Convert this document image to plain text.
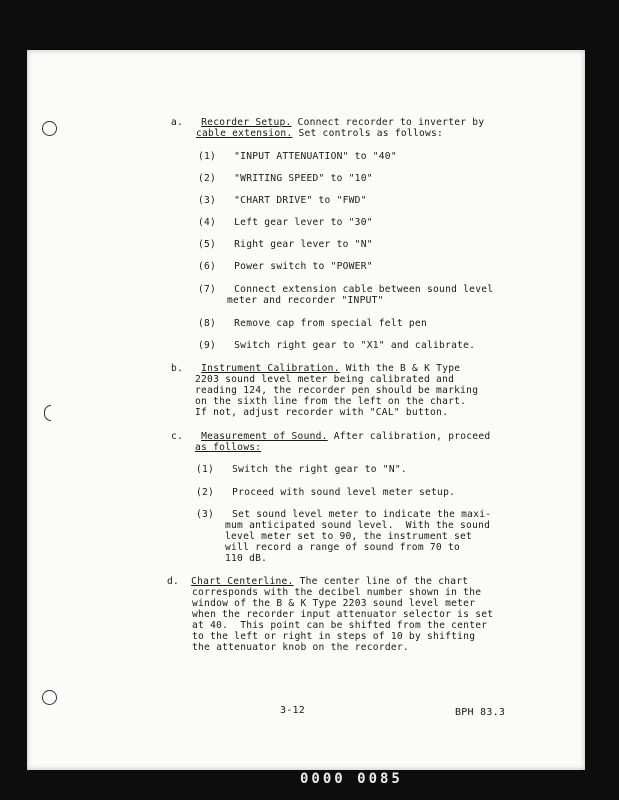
a. Recorder Setup. Connect recorder to inverter by
cable extension. Set controls as follows:
(1) "INPUT ATTENUATION" to "40"
(2) "WRITING SPEED" to "10"
(3) "CHART DRIVE" to "FWD"
(4) Left gear lever to "30"
(5) Right gear lever to "N"
(6) Power switch to "POWER"
(7) Connect extension cable between sound level
meter and recorder "INPUT"
(8) Remove cap from special felt pen
(9) Switch right gear to "X1" and calibrate.
b. Instrument Calibration. With the B & K Type
2203 sound level meter being calibrated and
reading 124, the recorder pen should be marking
on the sixth line from the left on the chart.
If not, adjust recorder with "CAL" button.
c. Measurement of Sound. After calibration, proceed
as follows:
(1) Switch the right gear to "N".
(2) Proceed with sound level meter setup.
(3) Set sound level meter to indicate the maxi-
mum anticipated sound level.  With the sound
level meter set to 90, the instrument set
will record a range of sound from 70 to
110 dB.
d. Chart Centerline. The center line of the chart
corresponds with the decibel number shown in the
window of the B & K Type 2203 sound level meter
when the recorder input attenuator selector is set
at 40.  This point can be shifted from the center
to the left or right in steps of 10 by shifting
the attenuator knob on the recorder.
3-12	BPH 83.3
0000 0085
